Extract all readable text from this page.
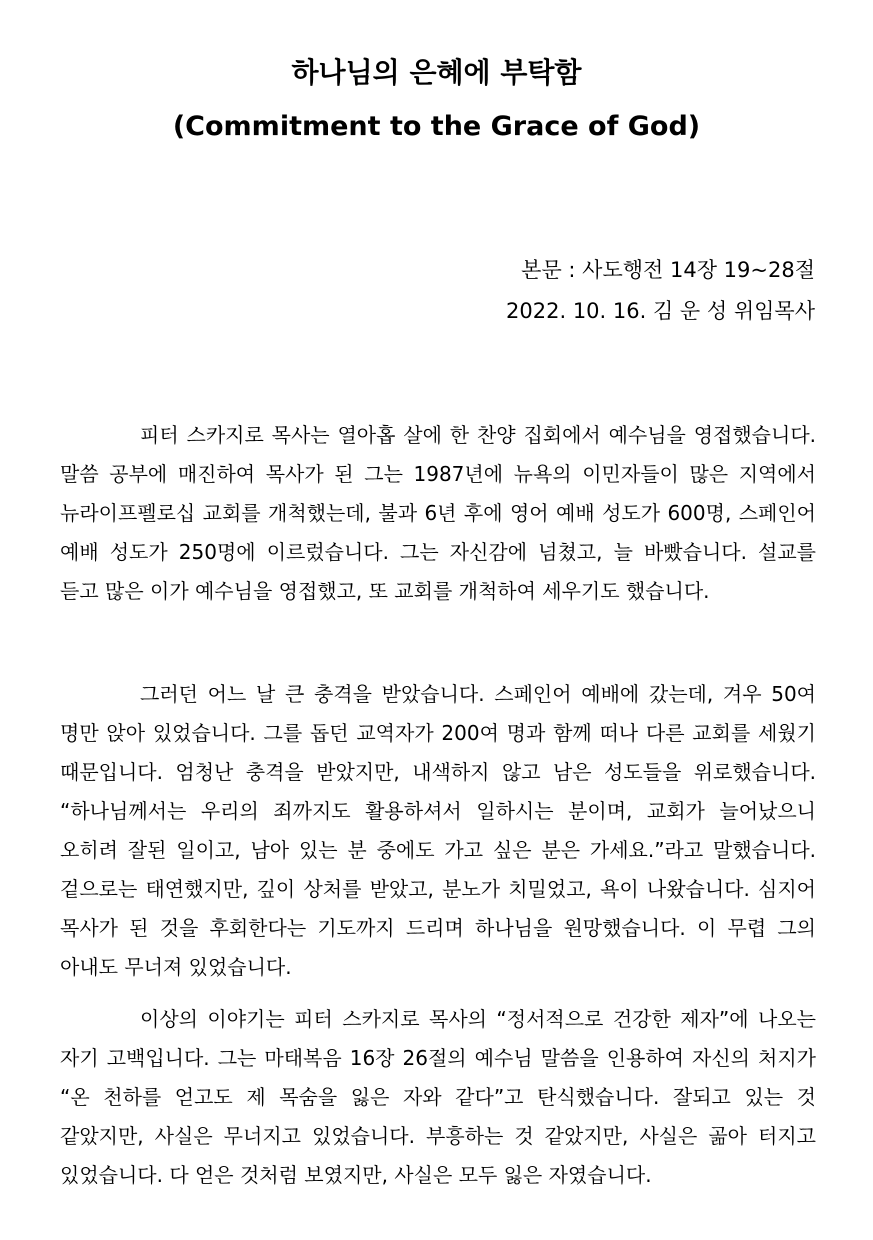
하나님의 은혜에 부탁함
(Commitment to the Grace of God)
본문 : 사도행전 14장 19~28절
2022. 10. 16. 김 운 성 위임목사

피터 스카지로 목사는 열아홉 살에 한 찬양 집회에서 예수님을 영접했습니다. 말씀 공부에 매진하여 목사가 된 그는 1987년에 뉴욕의 이민자들이 많은 지역에서 뉴라이프펠로십 교회를 개척했는데, 불과 6년 후에 영어 예배 성도가 600명, 스페인어 예배 성도가 250명에 이르렀습니다. 그는 자신감에 넘쳤고, 늘 바빴습니다. 설교를 듣고 많은 이가 예수님을 영접했고, 또 교회를 개척하여 세우기도 했습니다.

그러던 어느 날 큰 충격을 받았습니다. 스페인어 예배에 갔는데, 겨우 50여 명만 앉아 있었습니다. 그를 돕던 교역자가 200여 명과 함께 떠나 다른 교회를 세웠기 때문입니다. 엄청난 충격을 받았지만, 내색하지 않고 남은 성도들을 위로했습니다. “하나님께서는 우리의 죄까지도 활용하셔서 일하시는 분이며, 교회가 늘어났으니 오히려 잘된 일이고, 남아 있는 분 중에도 가고 싶은 분은 가세요.”라고 말했습니다. 겉으로는 태연했지만, 깊이 상처를 받았고, 분노가 치밀었고, 욕이 나왔습니다. 심지어 목사가 된 것을 후회한다는 기도까지 드리며 하나님을 원망했습니다. 이 무렵 그의 아내도 무너져 있었습니다.

이상의 이야기는 피터 스카지로 목사의 “정서적으로 건강한 제자”에 나오는 자기 고백입니다. 그는 마태복음 16장 26절의 예수님 말씀을 인용하여 자신의 처지가 “온 천하를 얻고도 제 목숨을 잃은 자와 같다”고 탄식했습니다. 잘되고 있는 것 같았지만, 사실은 무너지고 있었습니다. 부흥하는 것 같았지만, 사실은 곪아 터지고 있었습니다. 다 얻은 것처럼 보였지만, 사실은 모두 잃은 자였습니다.
